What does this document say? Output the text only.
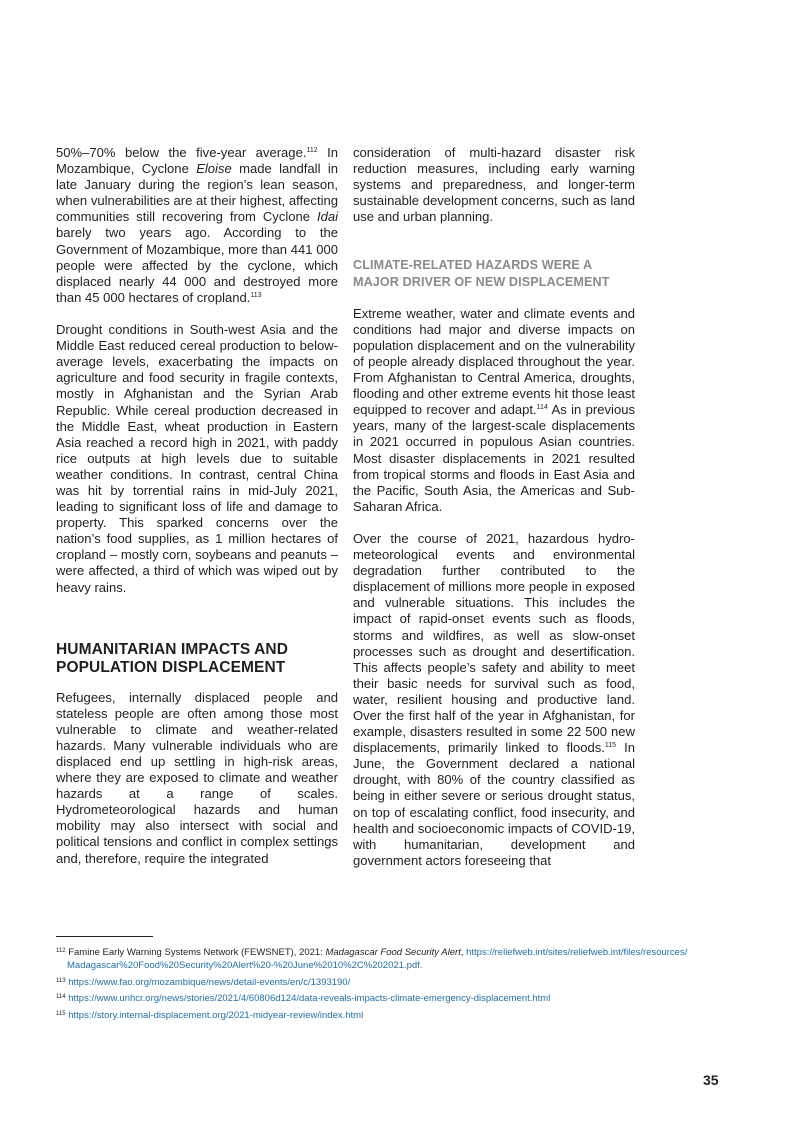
50%–70% below the five-year average.$^{112}$ In Mozambique, Cyclone Eloise made landfall in late January during the region’s lean season, when vulnerabilities are at their highest, affecting communities still recovering from Cyclone Idai barely two years ago. According to the Government of Mozambique, more than 441 000 people were affected by the cyclone, which displaced nearly 44 000 and destroyed more than 45 000 hectares of cropland.$^{113}$

Drought conditions in South-west Asia and the Middle East reduced cereal production to below-average levels, exacerbating the impacts on agriculture and food security in fragile contexts, mostly in Afghanistan and the Syrian Arab Republic. While cereal production decreased in the Middle East, wheat production in Eastern Asia reached a record high in 2021, with paddy rice outputs at high levels due to suitable weather conditions. In contrast, central China was hit by torrential rains in mid-July 2021, leading to significant loss of life and damage to property. This sparked concerns over the nation’s food supplies, as 1 million hectares of cropland – mostly corn, soybeans and peanuts – were affected, a third of which was wiped out by heavy rains.

HUMANITARIAN IMPACTS AND
POPULATION DISPLACEMENT

Refugees, internally displaced people and stateless people are often among those most vulnerable to climate and weather-related hazards. Many vulnerable individuals who are displaced end up settling in high-risk areas, where they are exposed to climate and weather hazards at a range of scales. Hydrometeorological hazards and human mobility may also intersect with social and political tensions and conflict in complex settings and, therefore, require the integrated

consideration of multi-hazard disaster risk reduction measures, including early warning systems and preparedness, and longer-term sustainable development concerns, such as land use and urban planning.

CLIMATE-RELATED HAZARDS WERE A
MAJOR DRIVER OF NEW DISPLACEMENT

Extreme weather, water and climate events and conditions had major and diverse impacts on population displacement and on the vulnerability of people already displaced throughout the year. From Afghanistan to Central America, droughts, flooding and other extreme events hit those least equipped to recover and adapt.$^{114}$ As in previous years, many of the largest-scale displacements in 2021 occurred in populous Asian countries. Most disaster displacements in 2021 resulted from tropical storms and floods in East Asia and the Pacific, South Asia, the Americas and Sub-Saharan Africa.

Over the course of 2021, hazardous hydrometeorological events and environmental degradation further contributed to the displacement of millions more people in exposed and vulnerable situations. This includes the impact of rapid-onset events such as floods, storms and wildfires, as well as slow-onset processes such as drought and desertification. This affects people’s safety and ability to meet their basic needs for survival such as food, water, resilient housing and productive land. Over the first half of the year in Afghanistan, for example, disasters resulted in some 22 500 new displacements, primarily linked to floods.$^{115}$ In June, the Government declared a national drought, with 80% of the country classified as being in either severe or serious drought status, on top of escalating conflict, food insecurity, and health and socioeconomic impacts of COVID-19, with humanitarian, development and government actors foreseeing that

$^{112}$ Famine Early Warning Systems Network (FEWSNET), 2021: Madagascar Food Security Alert, https:/​/​reliefweb.int/​sites/​reliefweb.int/​files/​resources/​Madagascar%20Food%20Security%20Alert%20-%20June%2010%2C%202021.pdf.

$^{113}$ https:/​/​www.fao.org/​mozambique/​news/​detail-events/​en/​c/​1393190/​

$^{114}$ https:/​/​www.unhcr.org/​news/​stories/​2021/​4/​60806d124/​data-reveals-impacts-climate-emergency-displacement.html

$^{115}$ https:/​/​story.internal-displacement.org/​2021-midyear-review/​index.html

35
